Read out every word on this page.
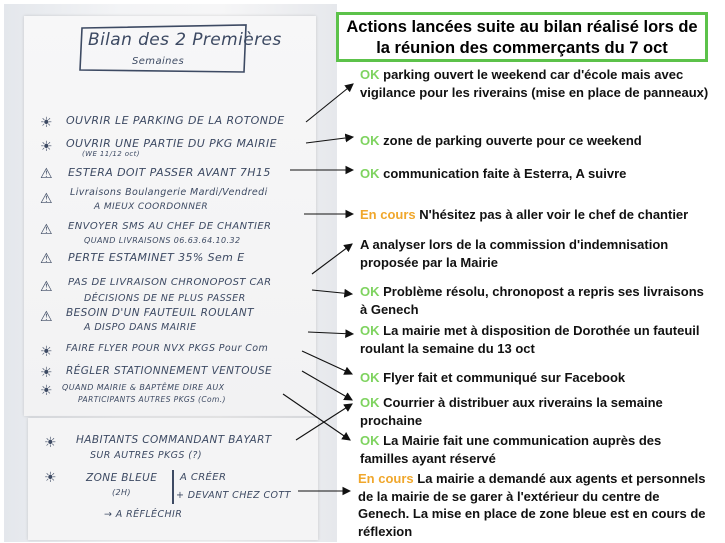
Bilan des 2 Premières
Semaines
☀ OUVRIR LE PARKING DE LA ROTONDE
☀ OUVRIR UNE PARTIE DU PKG MAIRIE
(WE 11/12 oct)
⚠ ESTERA DOIT PASSER AVANT 7H15
⚠ Livraisons Boulangerie Mardi/Vendredi
A MIEUX COORDONNER
⚠ ENVOYER SMS AU CHEF DE CHANTIER
QUAND LIVRAISONS 06.63.64.10.32
⚠ PERTE ESTAMINET 35% Sem E
⚠ PAS DE LIVRAISON CHRONOPOST CAR
DÉCISIONS DE NE PLUS PASSER
⚠ BESOIN D'UN FAUTEUIL ROULANT
A DISPO DANS MAIRIE
☀ FAIRE FLYER POUR NVX PKGS Pour Com
☀ RÉGLER STATIONNEMENT VENTOUSE
☀ QUAND MAIRIE & BAPTÊME DIRE AUX
PARTICIPANTS AUTRES PKGS (Com.)
☀ HABITANTS COMMANDANT BAYART
SUR AUTRES PKGS (?)
☀	ZONE BLEUE
(2H)
A CRÉER
+ DEVANT CHEZ COTT
→ A RÉFLÉCHIR
Actions lancées suite au bilan réalisé lors de la réunion des commerçants du 7 oct
OK parking ouvert le weekend car d'école mais avec vigilance pour les riverains (mise en place de panneaux)
OK zone de parking ouverte pour ce weekend
OK communication faite à Esterra, A suivre
En cours N'hésitez pas à aller voir le chef de chantier
A analyser lors de la commission d'indemnisation proposée par la Mairie
OK Problème résolu, chronopost a repris ses livraisons à Genech
OK La mairie met à disposition de Dorothée un fauteuil roulant la semaine du 13 oct
OK Flyer fait et communiqué sur Facebook
OK Courrier à distribuer aux riverains la semaine prochaine
OK La Mairie fait une communication auprès des familles ayant réservé
En cours La mairie a demandé aux agents et personnels de la mairie de se garer à l'extérieur du centre de Genech. La mise en place de zone bleue est en cours de réflexion
